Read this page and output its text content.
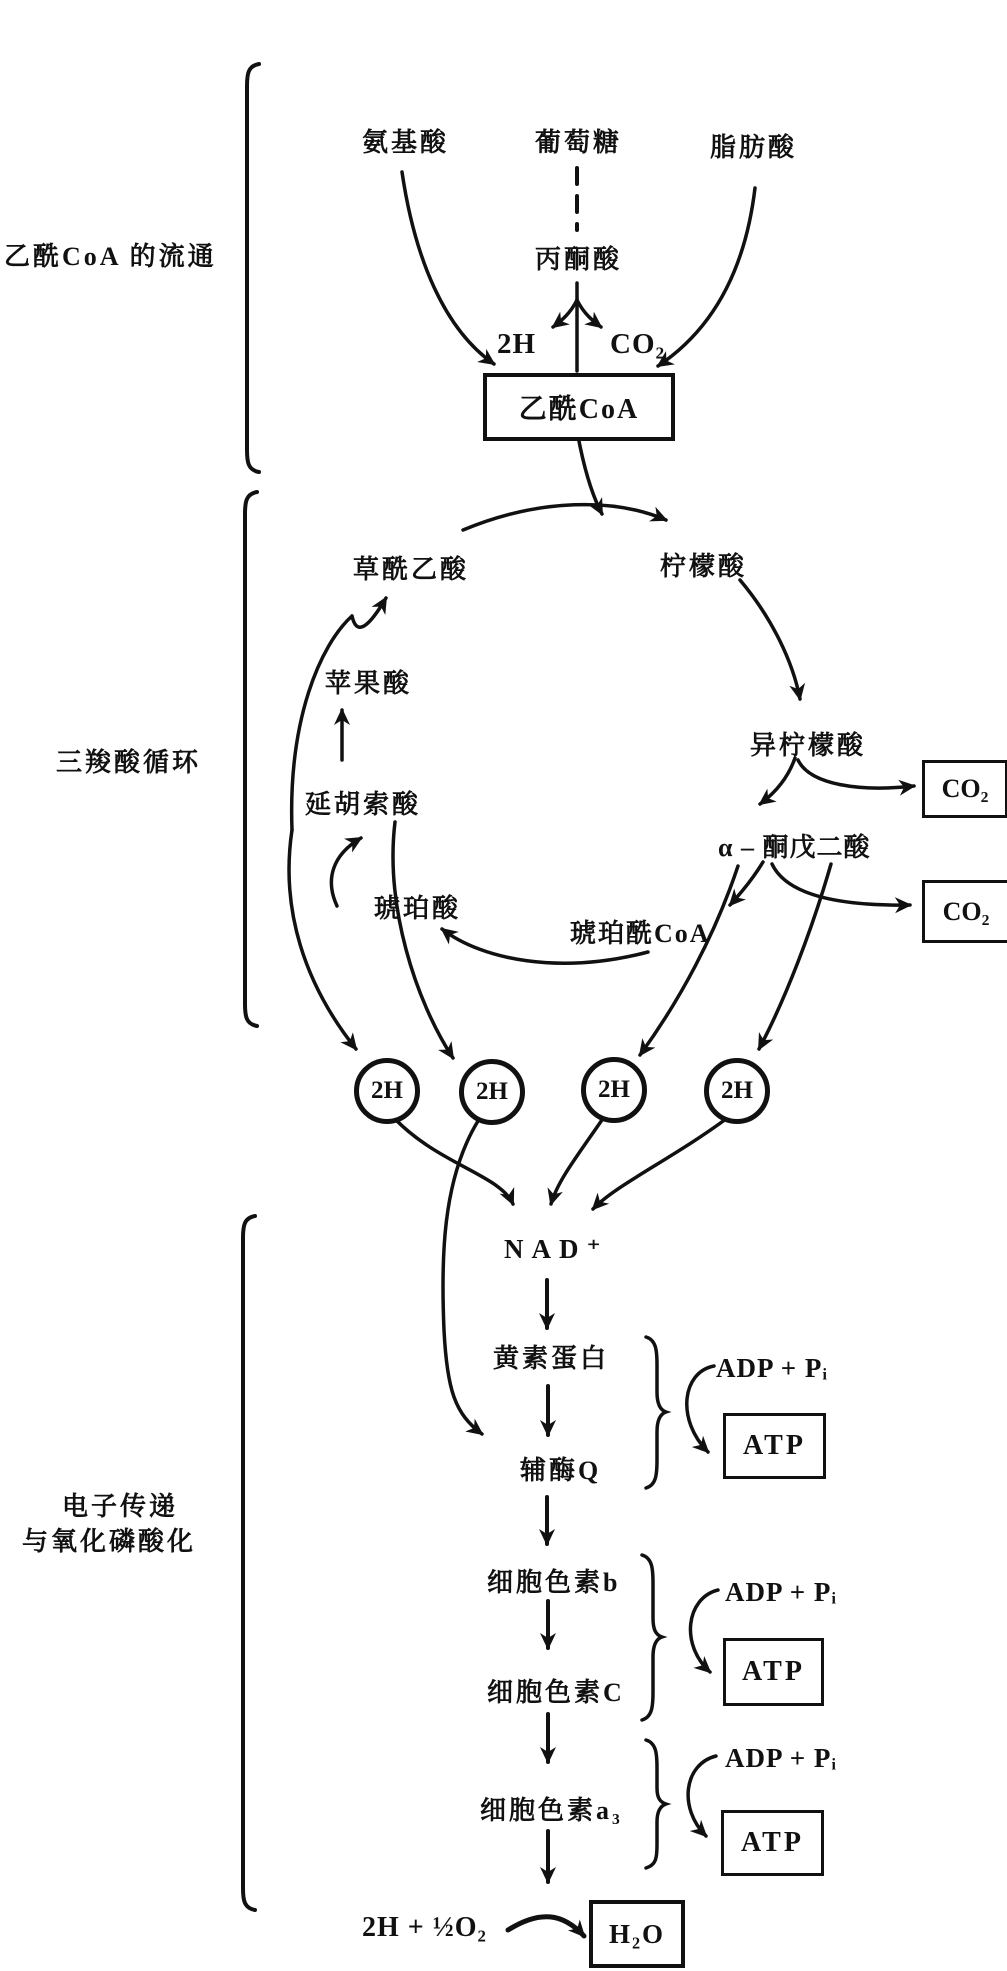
乙酰CoA 的流通
三羧酸循环
电子传递
与氧化磷酸化
氨基酸	葡萄糖	脂肪酸
丙酮酸
2H	CO₂
乙酰CoA
草酰乙酸	柠檬酸
异柠檬酸
α – 酮戊二酸
琥珀酰CoA
琥珀酸
延胡索酸
苹果酸
CO₂
CO₂
2H	2H	2H	2H
NAD⁺
黄素蛋白
辅酶Q
细胞色素b
细胞色素C
细胞色素a₃
ADP + Pᵢ
ATP
ADP + Pᵢ
ATP
ADP + Pᵢ
ATP
2H + ½O₂	H₂O
